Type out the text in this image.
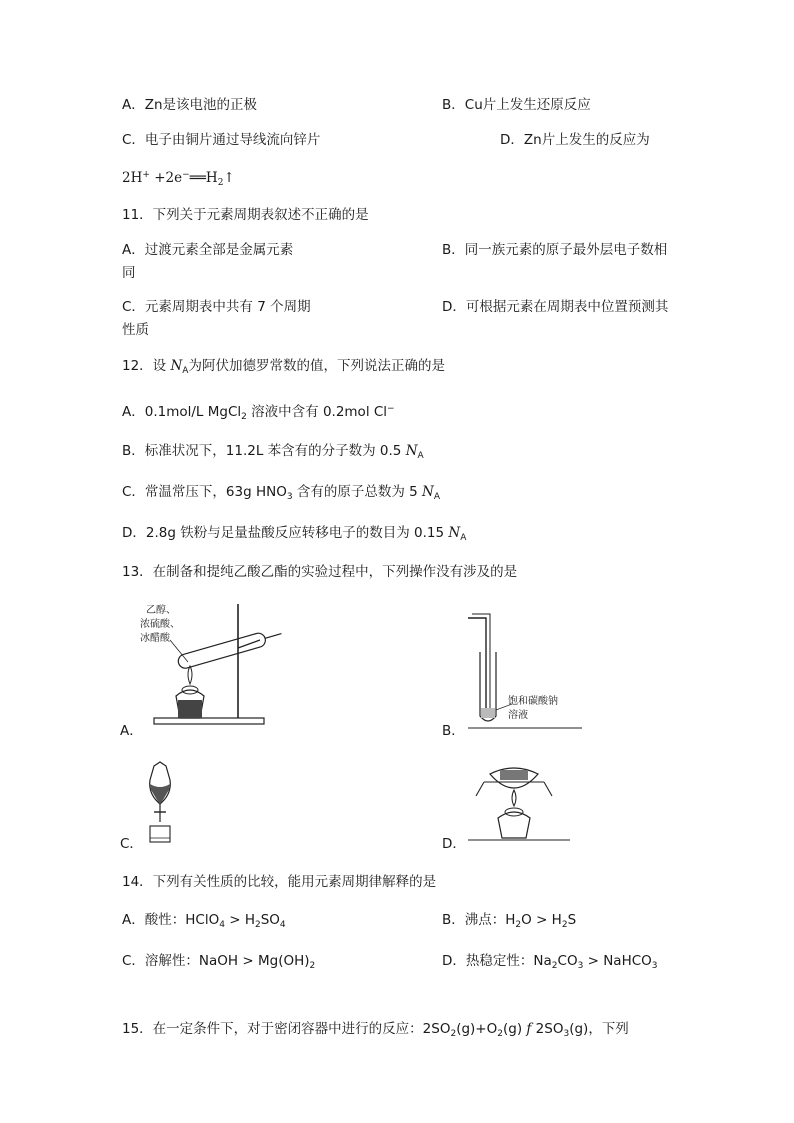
A．Zn是该电池的正极	B．Cu片上发生还原反应
C．电子由铜片通过导线流向锌片	D．Zn片上发生的反应为
$2H^+ +2e^-══H_2↑$
11．下列关于元素周期表叙述不正确的是
A．过渡元素全部是金属元素	B．同一族元素的原子最外层电子数相
同
C．元素周期表中共有 7 个周期	D．可根据元素在周期表中位置预测其
性质
12．设 $N_A$为阿伏加德罗常数的值，下列说法正确的是
A．0.1mol/L MgCl$_2$ 溶液中含有 0.2mol Cl−
B．标准状况下，11.2L 苯含有的分子数为 0.5 $N_A$
C．常温常压下，63g $HNO_3$ 含有的原子总数为 5 $N_A$
D．2.8g 铁粉与足量盐酸反应转移电子的数目为 0.15 $N_A$
13．在制备和提纯乙酸乙酯的实验过程中，下列操作没有涉及的是
A．
乙醇、
浓硫酸、
冰醋酸
B．
饱和碳酸钠
溶液
C．	D．
14．下列有关性质的比较，能用元素周期律解释的是
A．酸性：HClO$_4$ > $H_2SO_4$	B．沸点：$H_2O > H_2S$
C．溶解性：NaOH > $Mg(OH)_2$	D．热稳定性：$Na_2CO_3$ > NaHCO$_3$
15．在一定条件下，对于密闭容器中进行的反应：$2SO_2(g)+O_2(g)$ f $2SO_3(g)$，下列
